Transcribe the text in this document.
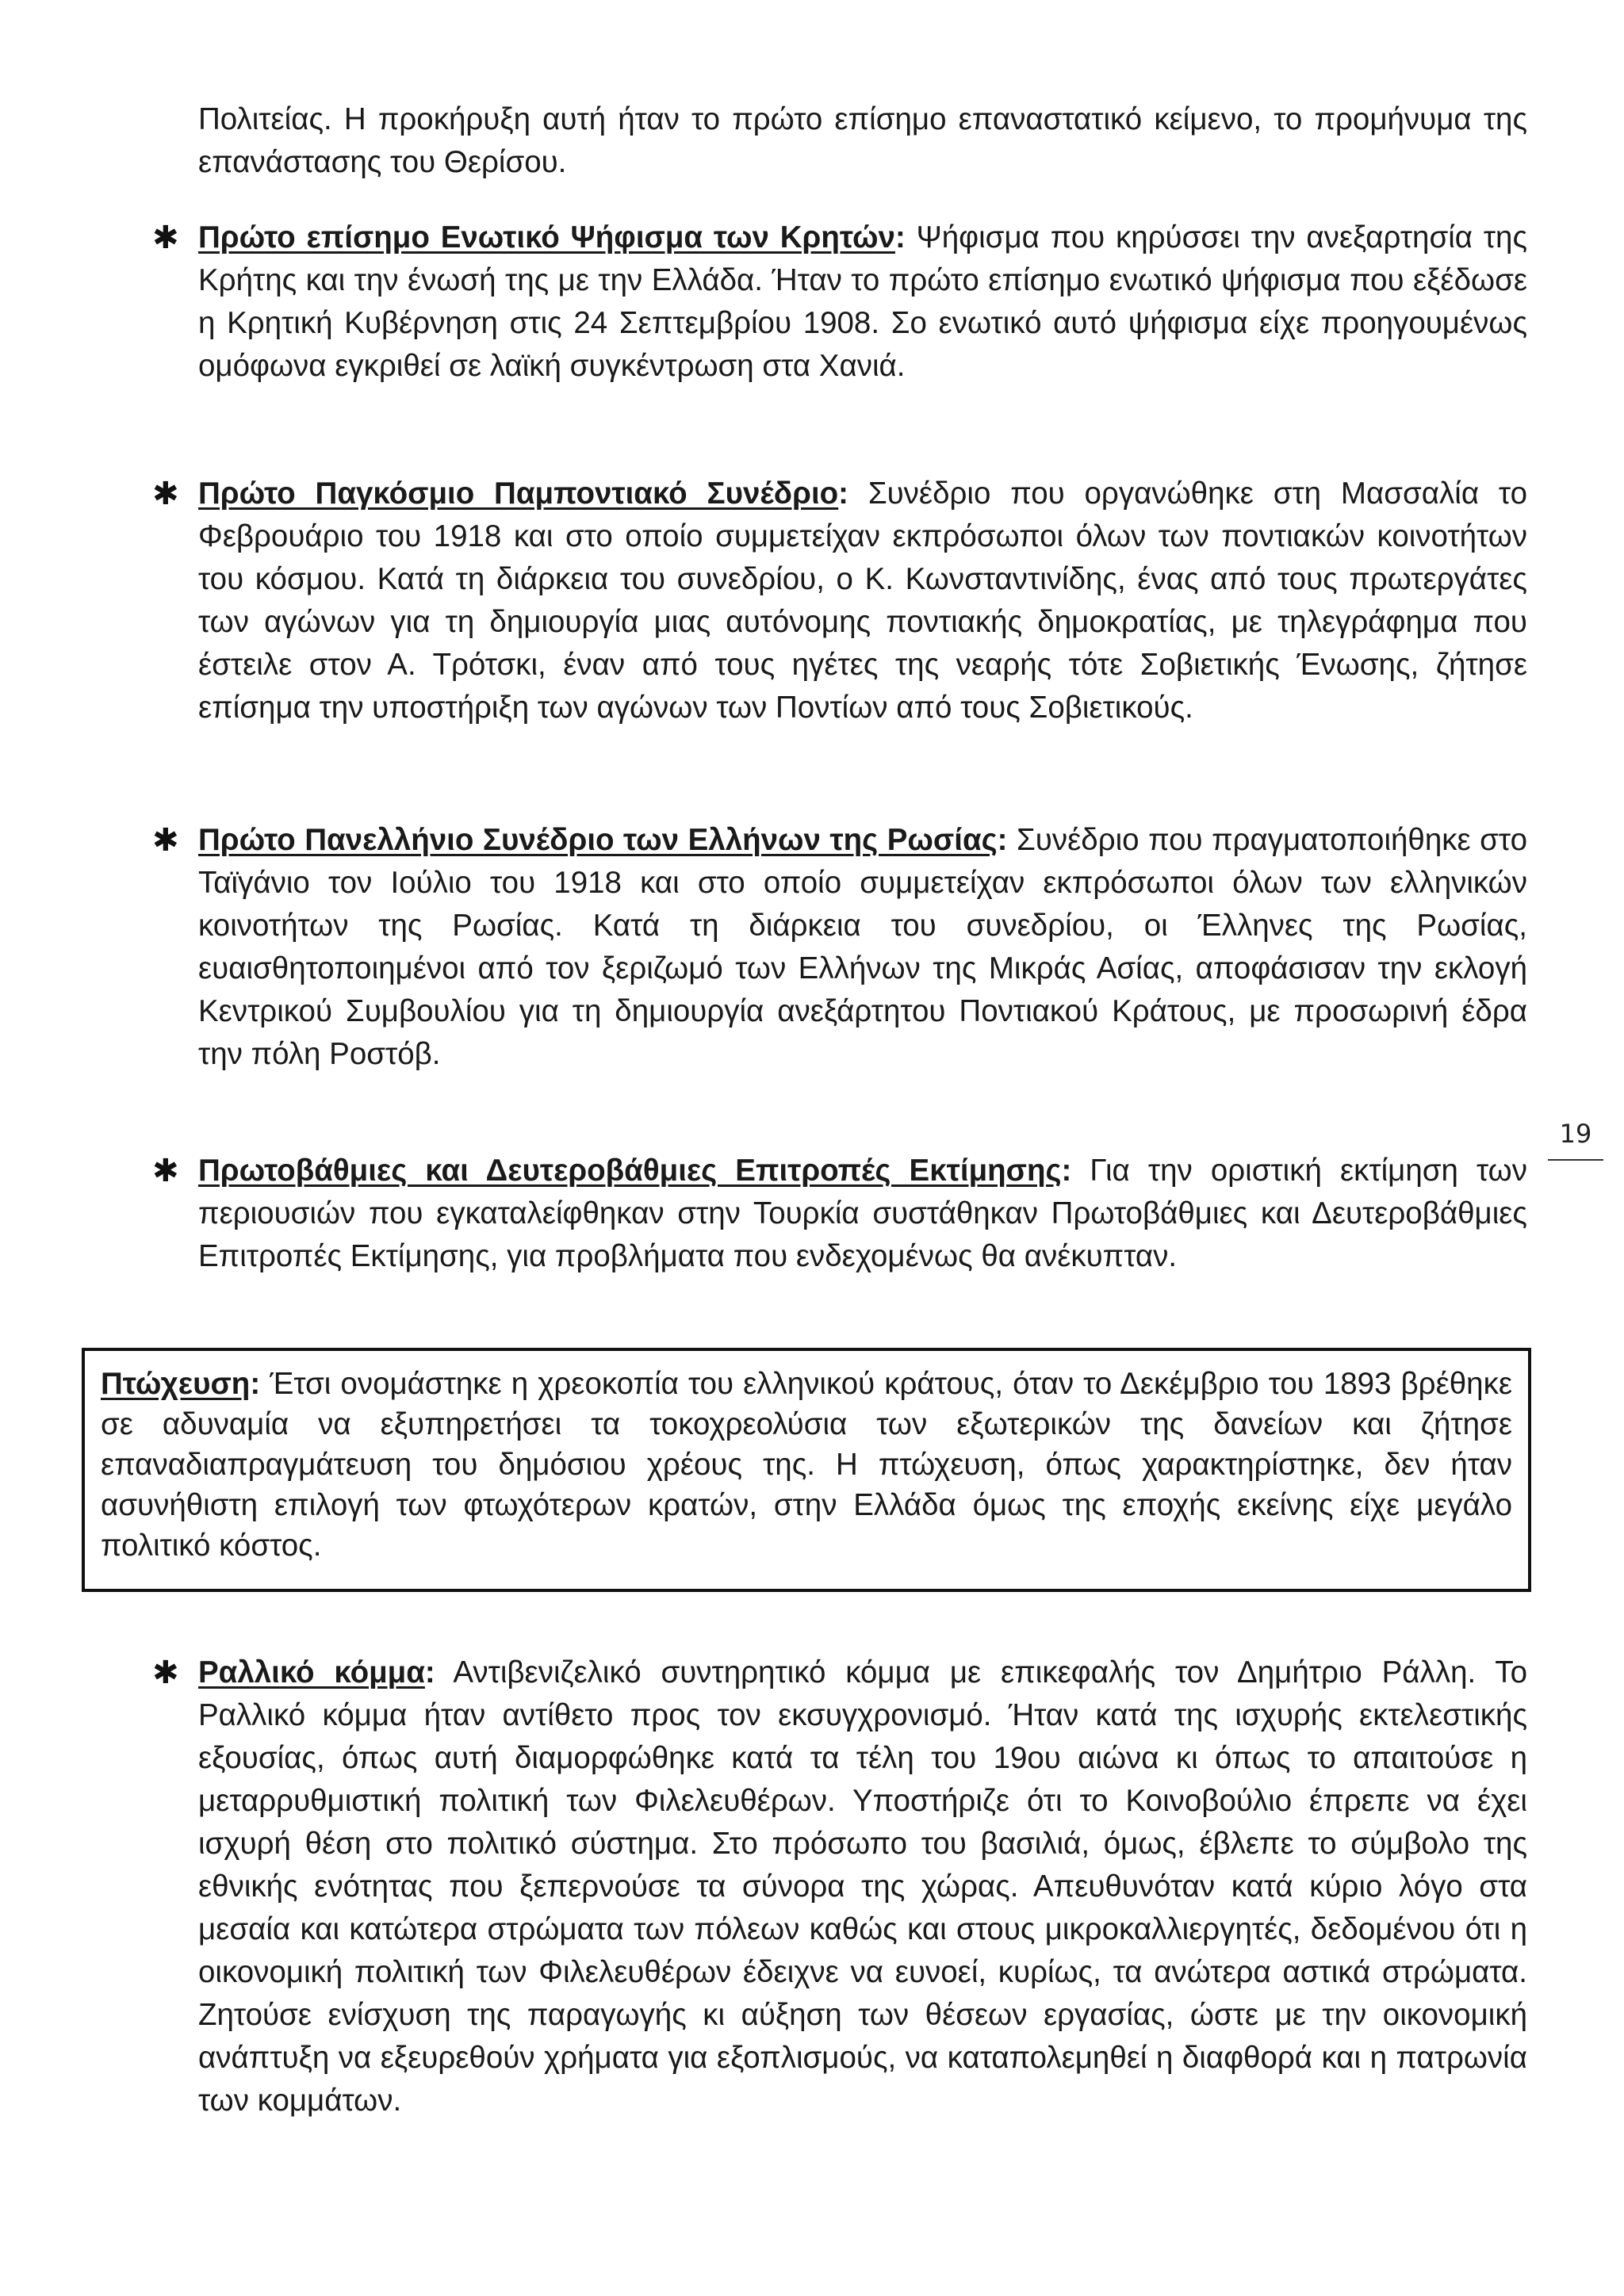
Πολιτείας. Η προκήρυξη αυτή ήταν το πρώτο επίσημο επαναστατικό κείμενο, το προμήνυμα της επανάστασης του Θερίσου.
✱ Πρώτο επίσημο Ενωτικό Ψήφισμα των Κρητών: Ψήφισμα που κηρύσσει την ανεξαρτησία της Κρήτης και την ένωσή της με την Ελλάδα. Ήταν το πρώτο επίσημο ενωτικό ψήφισμα που εξέδωσε η Κρητική Κυβέρνηση στις 24 Σεπτεμβρίου 1908. Σο ενωτικό αυτό ψήφισμα είχε προηγουμένως ομόφωνα εγκριθεί σε λαϊκή συγκέντρωση στα Χανιά.
✱ Πρώτο Παγκόσμιο Παμποντιακό Συνέδριο: Συνέδριο που οργανώθηκε στη Μασσαλία το Φεβρουάριο του 1918 και στο οποίο συμμετείχαν εκπρόσωποι όλων των ποντιακών κοινοτήτων του κόσμου. Κατά τη διάρκεια του συνεδρίου, ο Κ. Κωνσταντινίδης, ένας από τους πρωτεργάτες των αγώνων για τη δημιουργία μιας αυτόνομης ποντιακής δημοκρατίας, με τηλεγράφημα που έστειλε στον Α. Τρότσκι, έναν από τους ηγέτες της νεαρής τότε Σοβιετικής Ένωσης, ζήτησε επίσημα την υποστήριξη των αγώνων των Ποντίων από τους Σοβιετικούς.
✱ Πρώτο Πανελλήνιο Συνέδριο των Ελλήνων της Ρωσίας: Συνέδριο που πραγματοποιήθηκε στο Ταϊγάνιο τον Ιούλιο του 1918 και στο οποίο συμμετείχαν εκπρόσωποι όλων των ελληνικών κοινοτήτων της Ρωσίας. Κατά τη διάρκεια του συνεδρίου, οι Έλληνες της Ρωσίας, ευαισθητοποιημένοι από τον ξεριζωμό των Ελλήνων της Μικράς Ασίας, αποφάσισαν την εκλογή Κεντρικού Συμβουλίου για τη δημιουργία ανεξάρτητου Ποντιακού Κράτους, με προσωρινή έδρα την πόλη Ροστόβ.
✱ Πρωτοβάθμιες και Δευτεροβάθμιες Επιτροπές Εκτίμησης: Για την οριστική εκτίμηση των περιουσιών που εγκαταλείφθηκαν στην Τουρκία συστάθηκαν Πρωτοβάθμιες και Δευτεροβάθμιες Επιτροπές Εκτίμησης, για προβλήματα που ενδεχομένως θα ανέκυπταν.
19
Πτώχευση: Έτσι ονομάστηκε η χρεοκοπία του ελληνικού κράτους, όταν το Δεκέμβριο του 1893 βρέθηκε σε αδυναμία να εξυπηρετήσει τα τοκοχρεολύσια των εξωτερικών της δανείων και ζήτησε επαναδιαπραγμάτευση του δημόσιου χρέους της. Η πτώχευση, όπως χαρακτηρίστηκε, δεν ήταν ασυνήθιστη επιλογή των φτωχότερων κρατών, στην Ελλάδα όμως της εποχής εκείνης είχε μεγάλο πολιτικό κόστος.
✱ Ραλλικό κόμμα: Αντιβενιζελικό συντηρητικό κόμμα με επικεφαλής τον Δημήτριο Ράλλη. Το Ραλλικό κόμμα ήταν αντίθετο προς τον εκσυγχρονισμό. Ήταν κατά της ισχυρής εκτελεστικής εξουσίας, όπως αυτή διαμορφώθηκε κατά τα τέλη του 19ου αιώνα κι όπως το απαιτούσε η μεταρρυθμιστική πολιτική των Φιλελευθέρων. Υποστήριζε ότι το Κοινοβούλιο έπρεπε να έχει ισχυρή θέση στο πολιτικό σύστημα. Στο πρόσωπο του βασιλιά, όμως, έβλεπε το σύμβολο της εθνικής ενότητας που ξεπερνούσε τα σύνορα της χώρας. Απευθυνόταν κατά κύριο λόγο στα μεσαία και κατώτερα στρώματα των πόλεων καθώς και στους μικροκαλλιεργητές, δεδομένου ότι η οικονομική πολιτική των Φιλελευθέρων έδειχνε να ευνοεί, κυρίως, τα ανώτερα αστικά στρώματα. Ζητούσε ενίσχυση της παραγωγής κι αύξηση των θέσεων εργασίας, ώστε με την οικονομική ανάπτυξη να εξευρεθούν χρήματα για εξοπλισμούς, να καταπολεμηθεί η διαφθορά και η πατρωνία των κομμάτων.
